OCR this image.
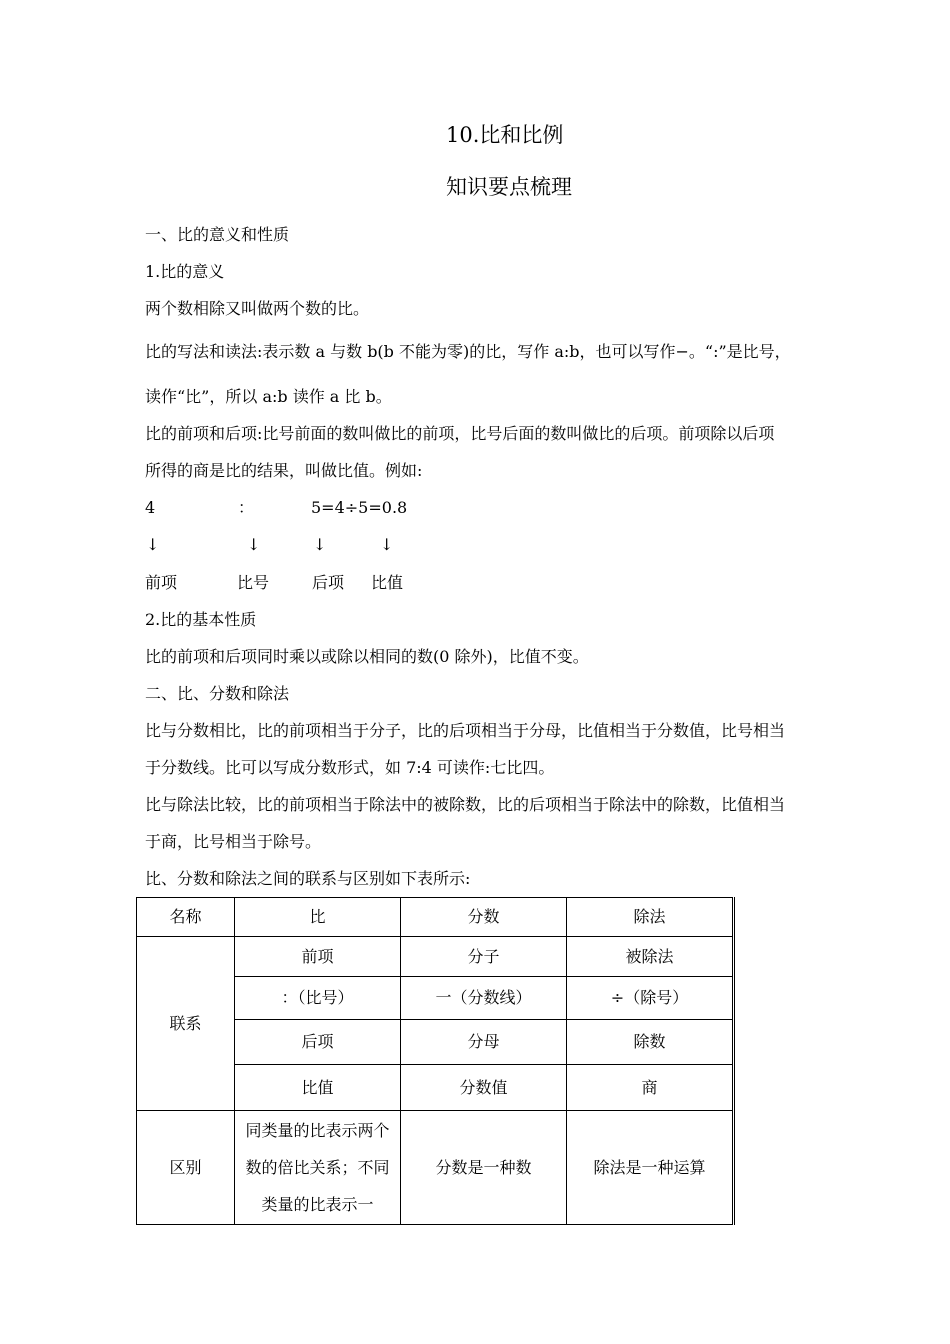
10.比和比例
知识要点梳理
一、比的意义和性质
1.比的意义
两个数相除又叫做两个数的比。
比的写法和读法:表示数 a 与数 b(b 不能为零)的比，写作 a:b，也可以写作−。“:”是比号，
读作“比”，所以 a:b 读作 a 比 b。
比的前项和后项:比号前面的数叫做比的前项，比号后面的数叫做比的后项。前项除以后项
所得的商是比的结果，叫做比值。例如:
4	：	5=4÷5=0.8
↓	↓	↓	↓
前项	比号	后项 比值
2.比的基本性质
比的前项和后项同时乘以或除以相同的数(0 除外)，比值不变。
二、比、分数和除法
比与分数相比，比的前项相当于分子，比的后项相当于分母，比值相当于分数值，比号相当
于分数线。比可以写成分数形式，如 7:4 可读作:七比四。
比与除法比较，比的前项相当于除法中的被除数，比的后项相当于除法中的除数，比值相当
于商，比号相当于除号。
比、分数和除法之间的联系与区别如下表所示:
名称	比	分数	除法
联系	前项	分子	被除法
	：（比号）	一（分数线）	÷（除号）
	后项	分母	除数
	比值	分数值	商
区别	同类量的比表示两个数的倍比关系；不同类量的比表示一	分数是一种数	除法是一种运算
